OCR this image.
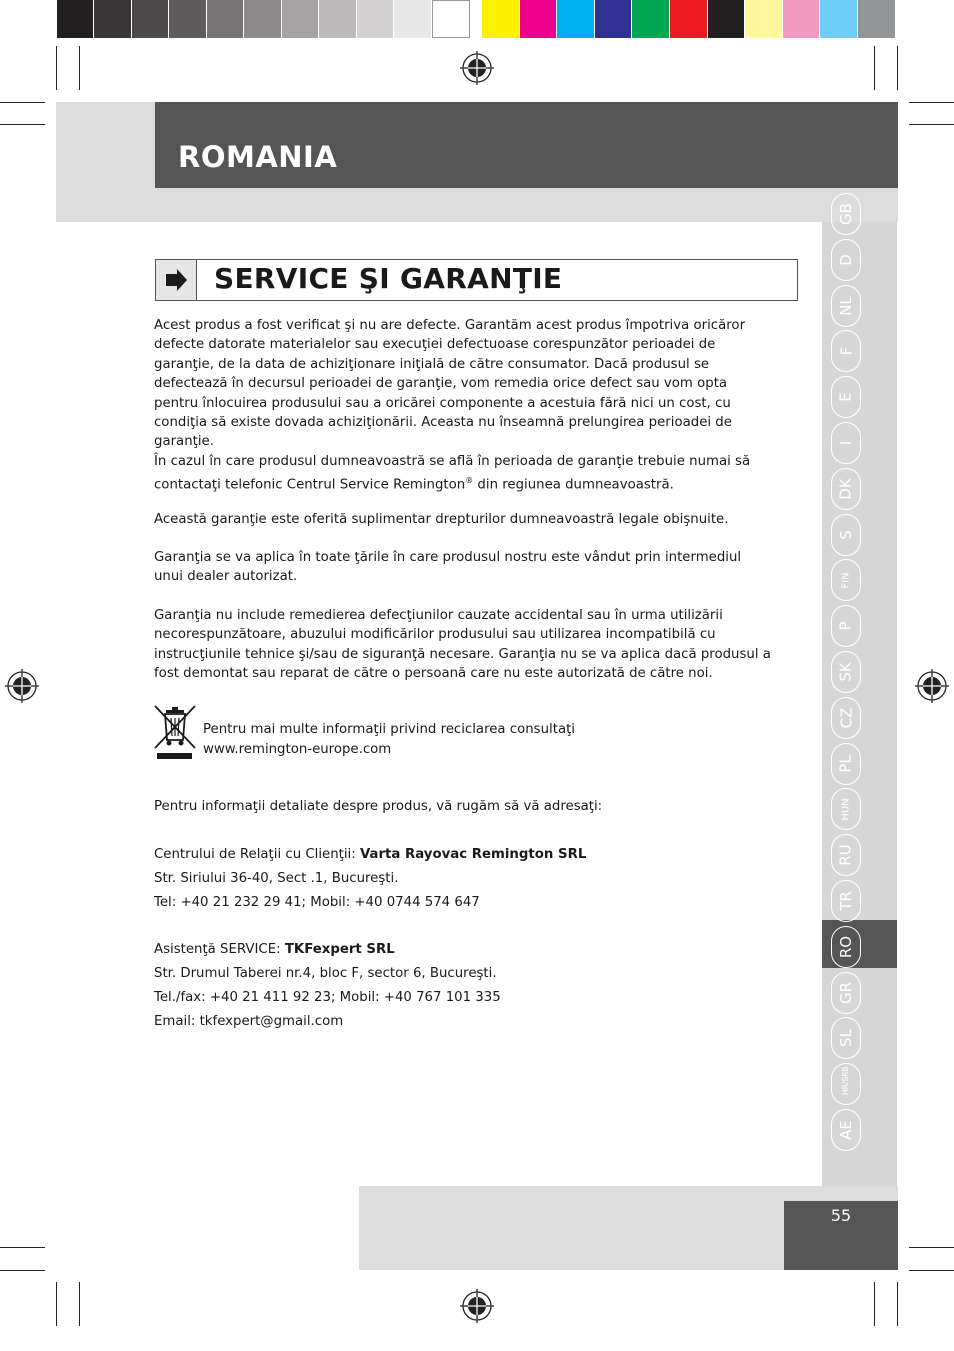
ROMANIA
SERVICE ŞI GARANŢIE
Acest produs a fost verificat şi nu are defecte. Garantăm acest produs împotriva oricăror
defecte datorate materialelor sau execuţiei defectuoase corespunzător perioadei de
garanţie, de la data de achiziţionare iniţială de către consumator. Dacă produsul se
defectează în decursul perioadei de garanţie, vom remedia orice defect sau vom opta
pentru înlocuirea produsului sau a oricărei componente a acestuia fără nici un cost, cu
condiţia să existe dovada achiziţionării. Aceasta nu înseamnă prelungirea perioadei de
garanţie.
În cazul în care produsul dumneavoastră se află în perioada de garanţie trebuie numai să
contactaţi telefonic Centrul Service Remington® din regiunea dumneavoastră.
Această garanţie este oferită suplimentar drepturilor dumneavoastră legale obişnuite.
Garanţia se va aplica în toate ţările în care produsul nostru este vândut prin intermediul
unui dealer autorizat.
Garanţia nu include remedierea defecţiunilor cauzate accidental sau în urma utilizării
necorespunzătoare, abuzului modificărilor produsului sau utilizarea incompatibilă cu
instrucţiunile tehnice şi/sau de siguranţă necesare. Garanţia nu se va aplica dacă produsul a
fost demontat sau reparat de către o persoană care nu este autorizată de către noi.
Pentru mai multe informaţii privind reciclarea consultaţi
www.remington-europe.com
Pentru informaţii detaliate despre produs, vă rugăm să vă adresaţi:
Centrului de Relaţii cu Clienţii: Varta Rayovac Remington SRL
Str. Siriului 36-40, Sect .1, Bucureşti.
Tel: +40 21 232 29 41; Mobil: +40 0744 574 647
Asistenţă SERVICE: TKFexpert SRL
Str. Drumul Taberei nr.4, bloc F, sector 6, Bucureşti.
Tel./fax: +40 21 411 92 23; Mobil: +40 767 101 335
Email: tkfexpert@gmail.com
GB
D
NL
F
E
I
DK
S
FIN
P
SK
CZ
PL
HUN
RU
TR
RO
GR
SL
HR/SRB
AE
55
